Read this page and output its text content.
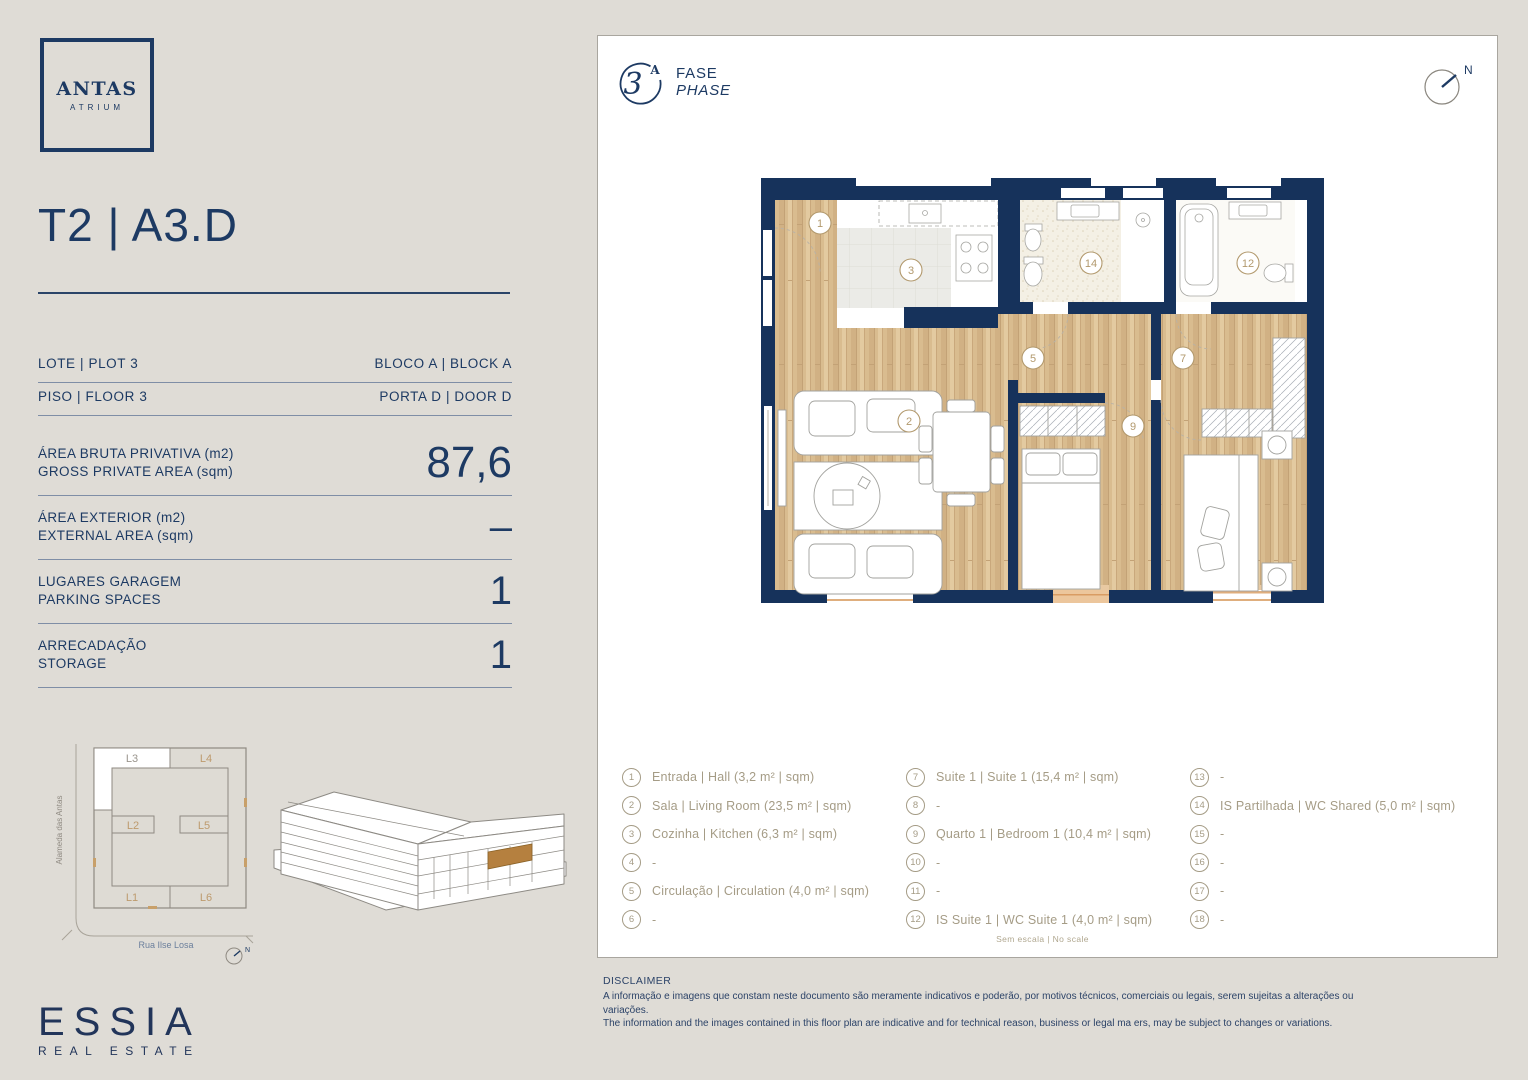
ANTAS
ATRIUM
T2 | A3.D
LOTE | PLOT 3	BLOCO A | BLOCK A
PISO | FLOOR 3	PORTA D | DOOR D
ÁREA BRUTA PRIVATIVA (m2)
GROSS PRIVATE AREA (sqm)	87,6
ÁREA EXTERIOR (m2)
EXTERNAL AREA (sqm)	–
LUGARES GARAGEM
PARKING SPACES	1
ARRECADAÇÃO
STORAGE	1
L3	L4
L2	L5
L1	L6
Alameda das Antas
Rua Ilse Losa
N
ESSIA
REAL ESTATE
3 A FASE
PHASE
N
1
3
14	12
5	7
2	9
1	Entrada | Hall (3,2 m² | sqm)
2	Sala | Living Room (23,5 m² | sqm)
3	Cozinha | Kitchen (6,3 m² | sqm)
4	-
5	Circulação | Circulation (4,0 m² | sqm)
6	-
7	Suite 1 | Suite 1 (15,4 m² | sqm)
8	-
9	Quarto 1 | Bedroom 1 (10,4 m² | sqm)
10	-
11	-
12	IS Suite 1 | WC Suite 1 (4,0 m² | sqm)
13	-
14	IS Partilhada | WC Shared (5,0 m² | sqm)
15	-
16	-
17	-
18	-
Sem escala | No scale
DISCLAIMER
A informação e imagens que constam neste documento são meramente indicativos e poderão, por motivos técnicos, comerciais ou legais, serem sujeitas a alterações ou variações.
The information and the images contained in this floor plan are indicative and for technical reason, business or legal ma ers, may be subject to changes or variations.
